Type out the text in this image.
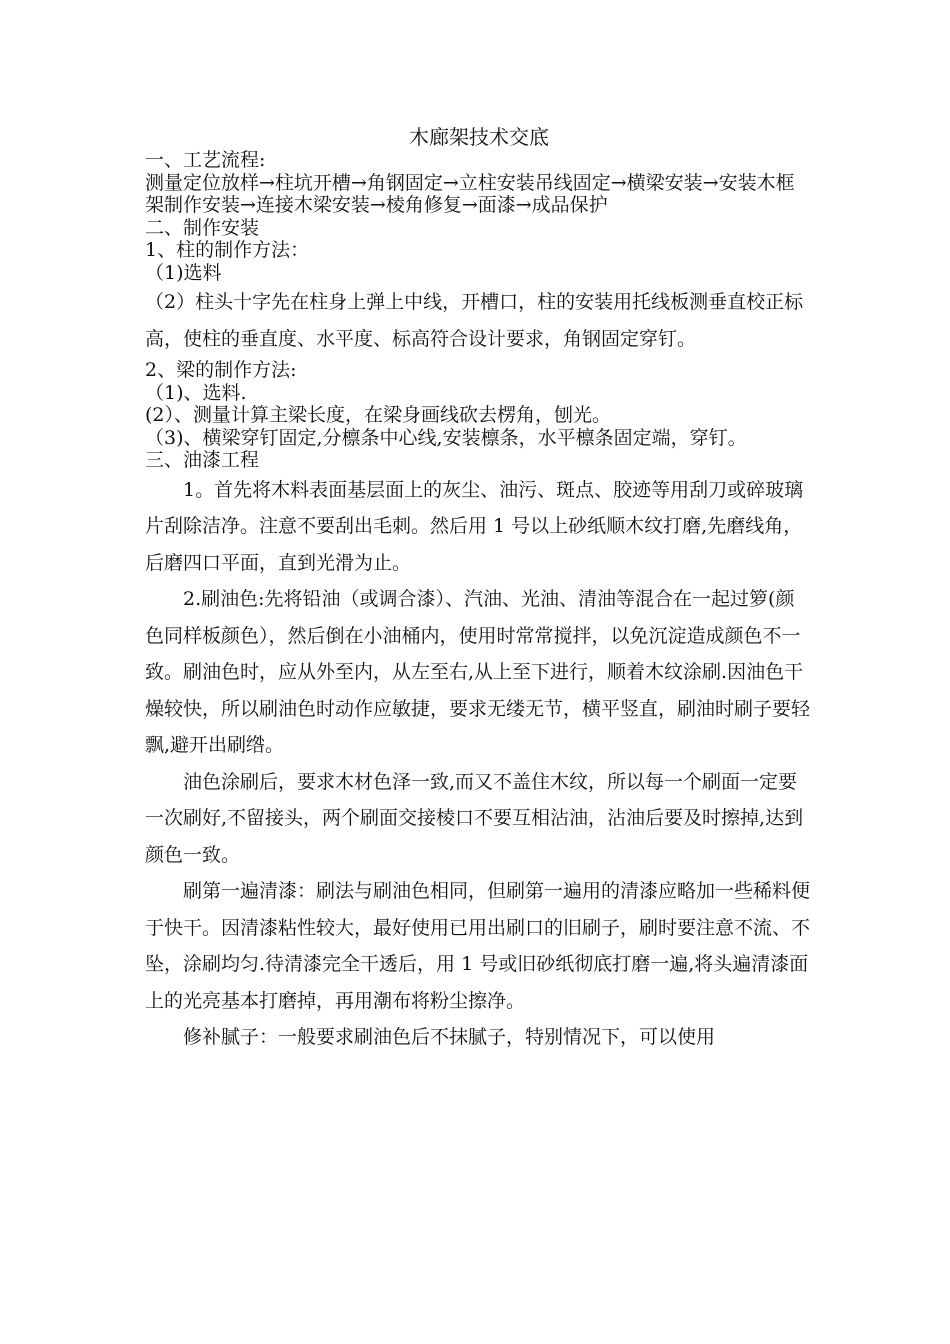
木廊架技术交底

一、工艺流程:

测量定位放样→柱坑开槽→角钢固定→立柱安装吊线固定→横梁安装→安装木框架制作安装→连接木梁安装→棱角修复→面漆→成品保护

二、制作安装

1、柱的制作方法：

（1)选料

（2）柱头十字先在柱身上弹上中线，开槽口，柱的安装用托线板测垂直校正标高，使柱的垂直度、水平度、标高符合设计要求，角钢固定穿钉。

2、梁的制作方法:

（1)、选料.

(2）、测量计算主梁长度，在梁身画线砍去楞角，刨光。

（3)、横梁穿钉固定,分檩条中心线,安装檩条，水平檩条固定端，穿钉。

三、油漆工程

1。首先将木料表面基层面上的灰尘、油污、斑点、胶迹等用刮刀或碎玻璃片刮除洁净。注意不要刮出毛刺。然后用 1 号以上砂纸顺木纹打磨,先磨线角，后磨四口平面，直到光滑为止。

2.刷油色:先将铅油（或调合漆）、汽油、光油、清油等混合在一起过箩(颜色同样板颜色），然后倒在小油桶内，使用时常常搅拌，以免沉淀造成颜色不一致。刷油色时，应从外至内，从左至右,从上至下进行，顺着木纹涂刷.因油色干燥较快，所以刷油色时动作应敏捷，要求无缕无节，横平竖直，刷油时刷子要轻飘,避开出刷绺。

油色涂刷后，要求木材色泽一致,而又不盖住木纹，所以每一个刷面一定要一次刷好,不留接头，两个刷面交接棱口不要互相沾油，沾油后要及时擦掉,达到颜色一致。

刷第一遍清漆：刷法与刷油色相同，但刷第一遍用的清漆应略加一些稀料便于快干。因清漆粘性较大，最好使用已用出刷口的旧刷子，刷时要注意不流、不坠，涂刷均匀.待清漆完全干透后，用 1 号或旧砂纸彻底打磨一遍,将头遍清漆面上的光亮基本打磨掉，再用潮布将粉尘擦净。

修补腻子：一般要求刷油色后不抹腻子，特别情况下，可以使用
